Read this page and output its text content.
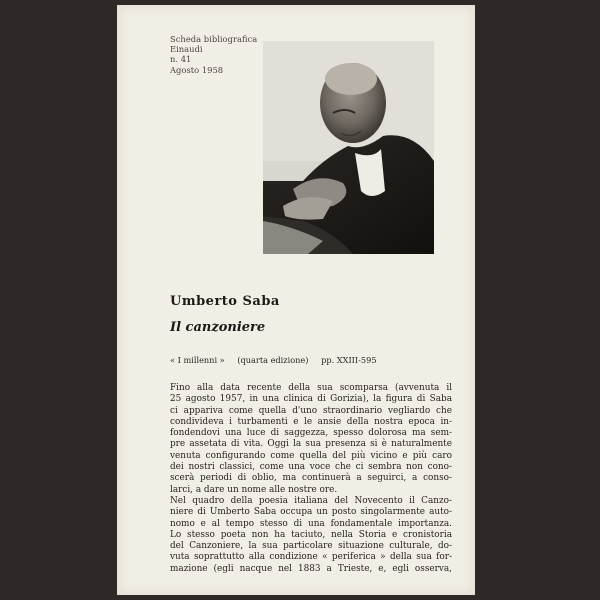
Scheda bibliografica
Einaudi
n. 41
Agosto 1958
Umberto Saba
Il canzoniere
« I millenni » (quarta edizione) pp. XXIII-595
Fino alla data recente della sua scomparsa (avvenuta il
25 agosto 1957, in una clinica di Gorizia), la figura di Saba
ci appariva come quella d'uno straordinario vegliardo che
condivideva i turbamenti e le ansie della nostra epoca in-
fondendovi una luce di saggezza, spesso dolorosa ma sem-
pre assetata di vita. Oggi la sua presenza si è naturalmente
venuta configurando come quella del più vicino e più caro
dei nostri classici, come una voce che ci sembra non cono-
scerà periodi di oblio, ma continuerà a seguirci, a conso-
larci, a dare un nome alle nostre ore.
Nel quadro della poesia italiana del Novecento il Canzo-
niere di Umberto Saba occupa un posto singolarmente auto-
nomo e al tempo stesso di una fondamentale importanza.
Lo stesso poeta non ha taciuto, nella Storia e cronistoria
del Canzoniere, la sua particolare situazione culturale, do-
vuta soprattutto alla condizione « periferica » della sua for-
mazione (egli nacque nel 1883 a Trieste, e, egli osserva,
